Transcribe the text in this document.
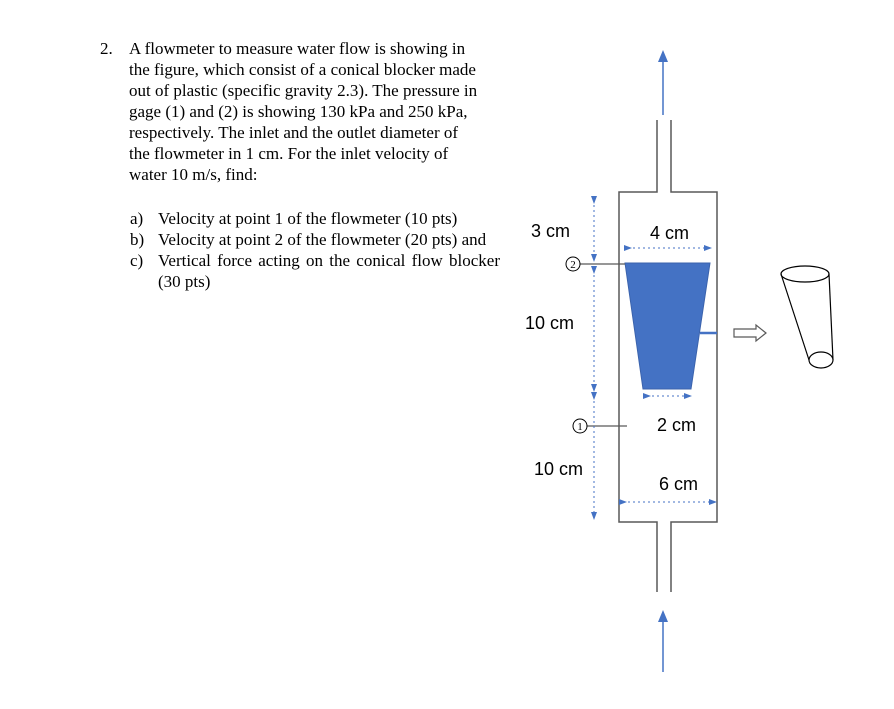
2. A flowmeter to measure water flow is showing in
the figure, which consist of a conical blocker made
out of plastic (specific gravity 2.3). The pressure in
gage (1) and (2) is showing 130 kPa and 250 kPa,
respectively. The inlet and the outlet diameter of
the flowmeter in 1 cm. For the inlet velocity of
water 10 m/s, find:
a) Velocity at point 1 of the flowmeter (10 pts)
b) Velocity at point 2 of the flowmeter (20 pts) and
c) Vertical force acting on the conical flow blocker (30 pts)
2
1
3 cm
10 cm
10 cm
4 cm
2 cm
6 cm
